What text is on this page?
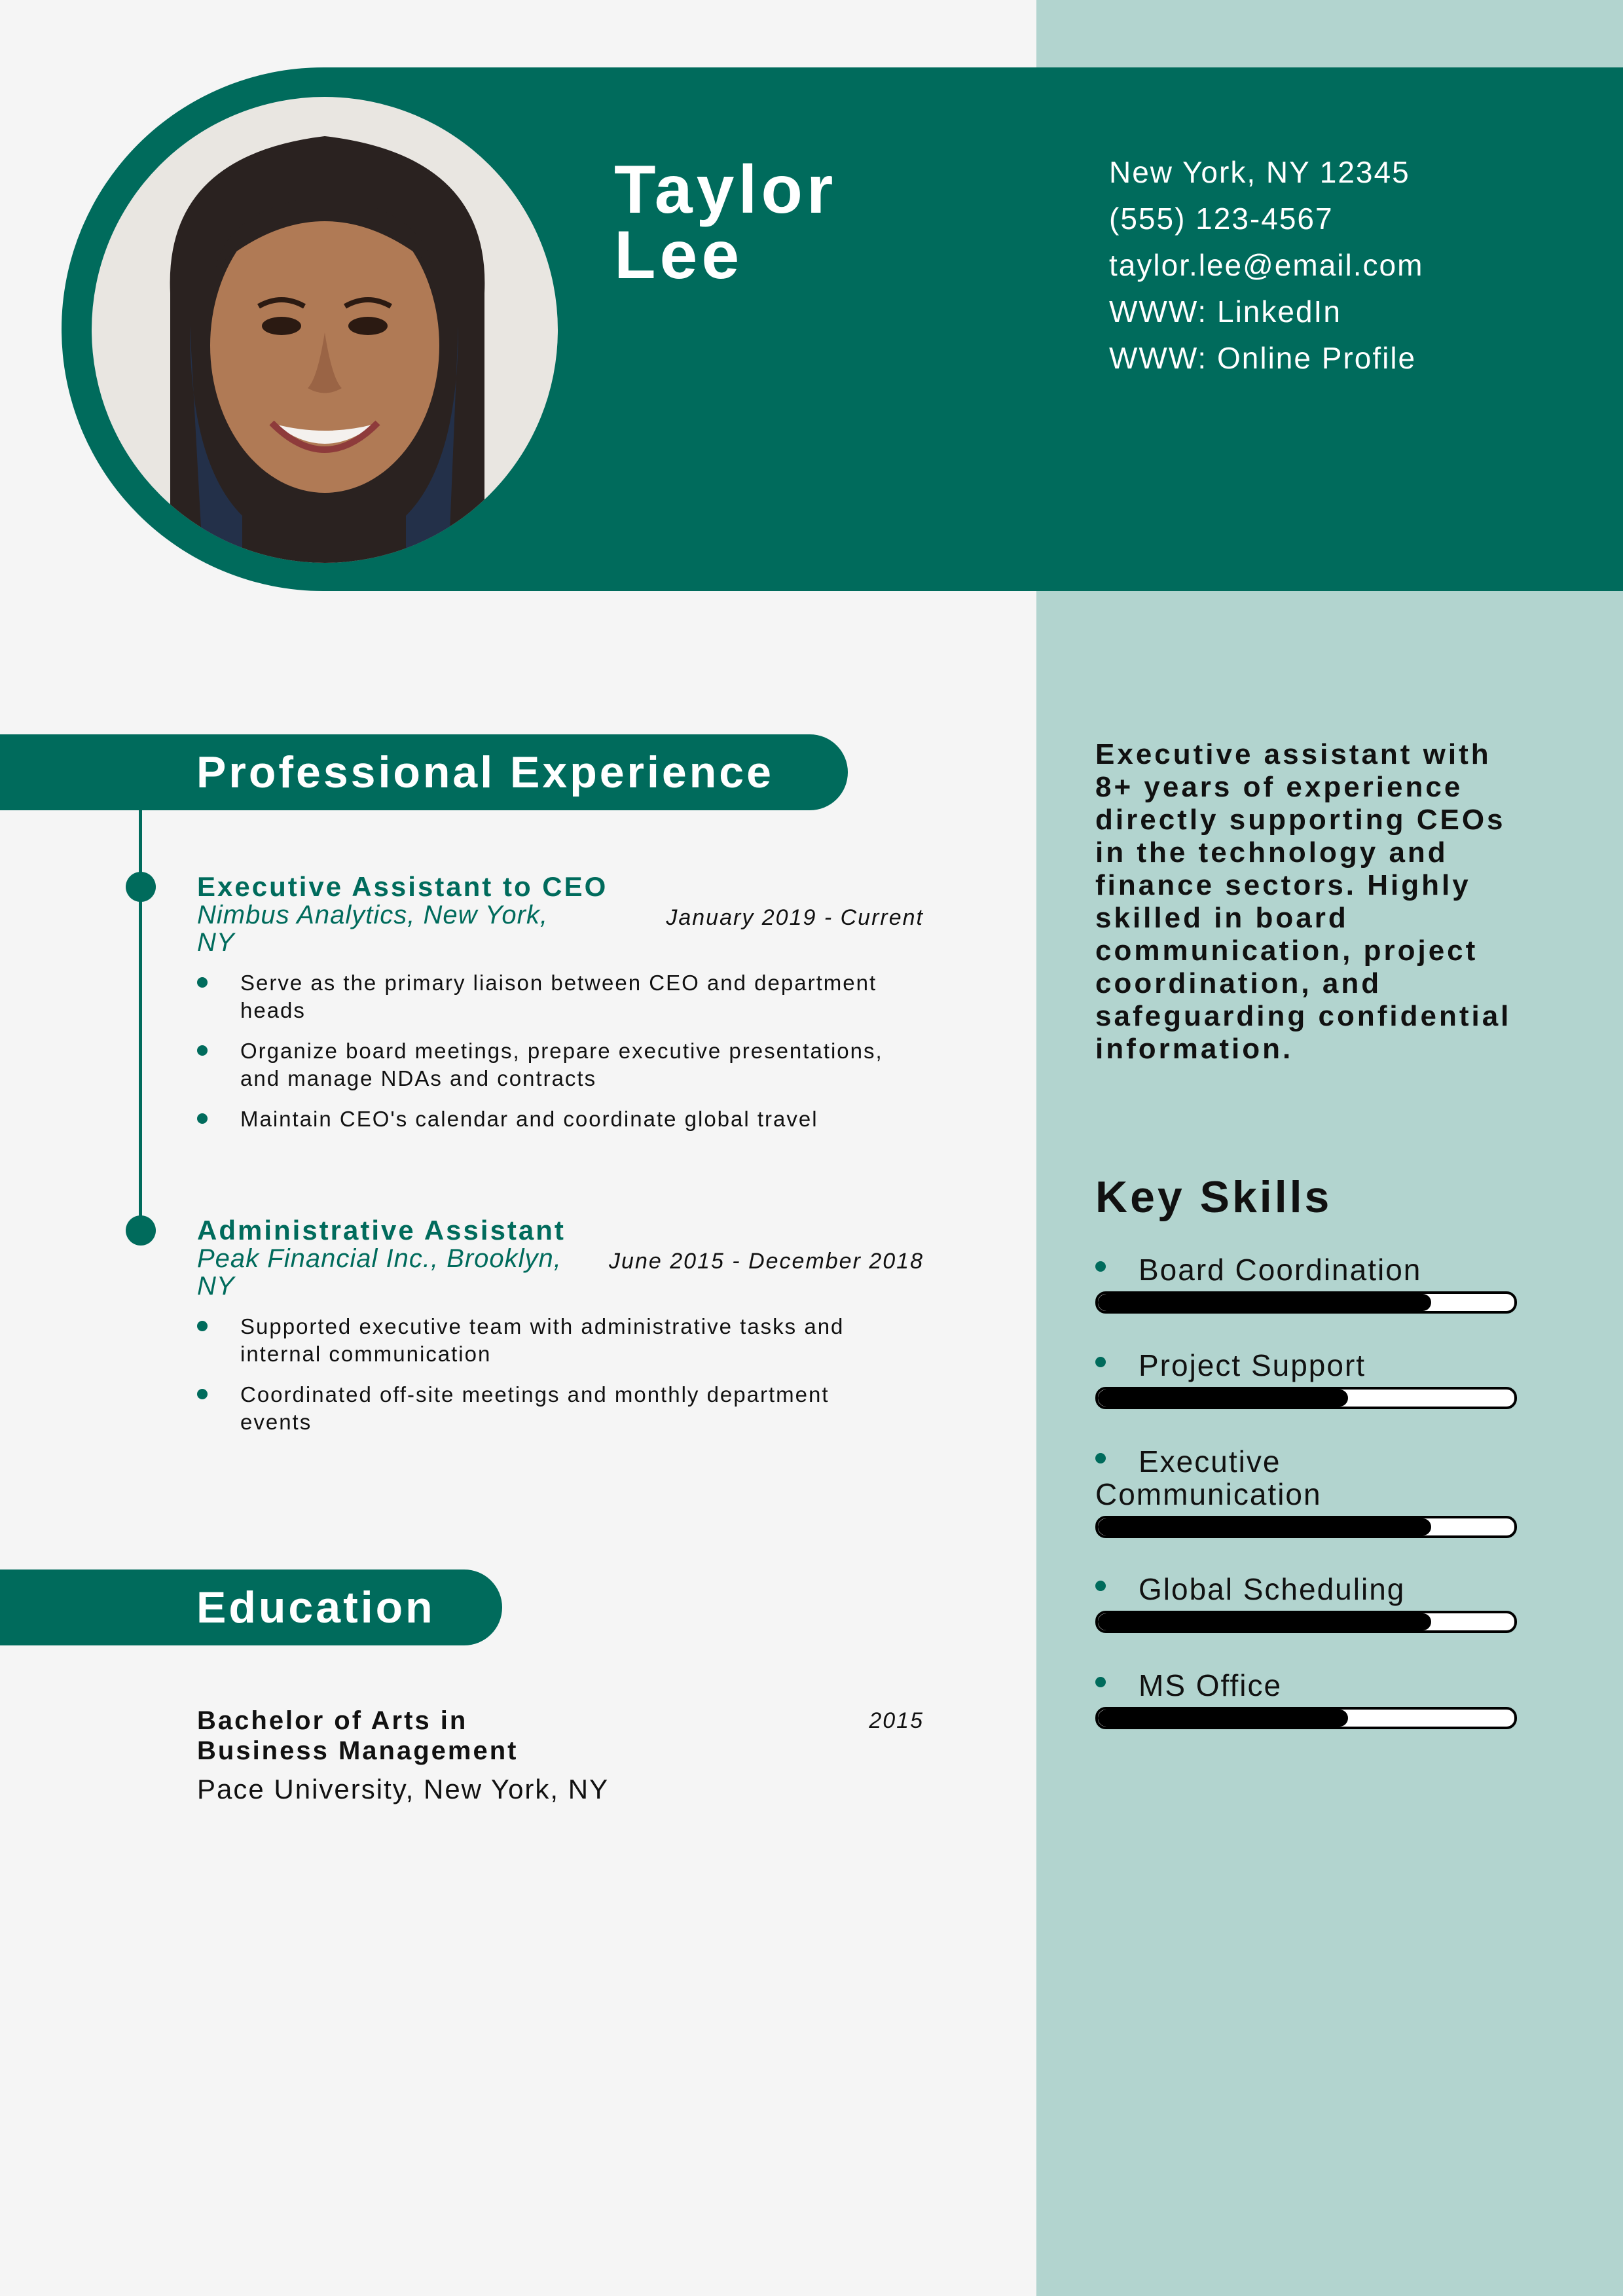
Taylor
Lee
New York, NY 12345
(555) 123-4567
taylor.lee@email.com
WWW: LinkedIn
WWW: Online Profile
Professional Experience
Executive Assistant to CEO
January 2019 - Current
Nimbus Analytics, New York, NY
Serve as the primary liaison between CEO and department heads
Organize board meetings, prepare executive presentations, and manage NDAs and contracts
Maintain CEO's calendar and coordinate global travel
Administrative Assistant
June 2015 - December 2018
Peak Financial Inc., Brooklyn, NY
Supported executive team with administrative tasks and internal communication
Coordinated off-site meetings and monthly department events
Education
Bachelor of Arts in Business Management
2015
Pace University, New York, NY
Executive assistant with 8+ years of experience directly supporting CEOs in the technology and finance sectors. Highly skilled in board communication, project coordination, and safeguarding confidential information.
Key Skills
Board Coordination
Project Support
Executive Communication
Global Scheduling
MS Office
